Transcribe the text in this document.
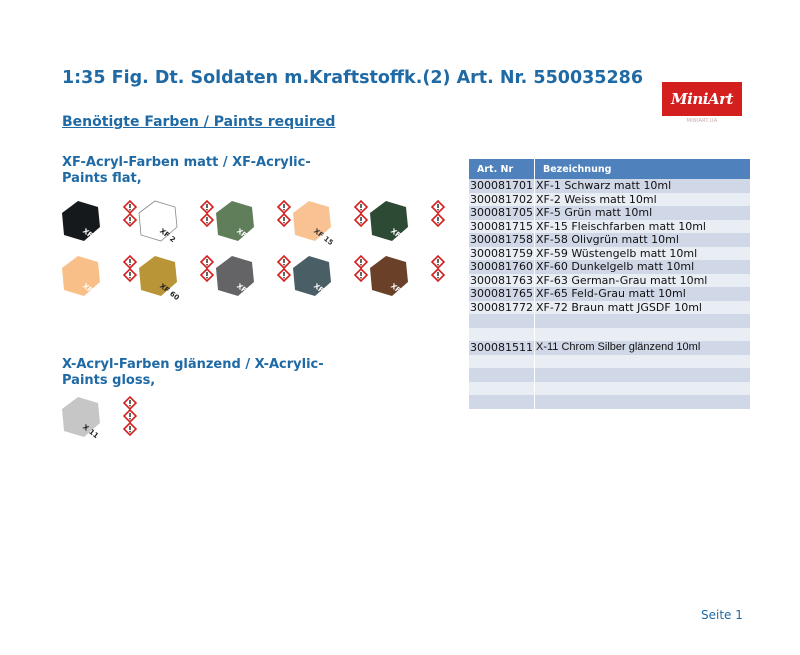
1:35 Fig. Dt. Soldaten m.Kraftstoffk.(2) Art. Nr. 550035286
Benötigte Farben / Paints required
MiniArt
MINIART.UA
XF-Acryl-Farben matt / XF-Acrylic-Paints flat,
X-Acryl-Farben glänzend / X-Acrylic-Paints gloss,
XF 1	XF 2	XF 5	XF 15	XF 58
XF 59	XF 60	XF 63	XF 65	XF 72
X 11
Art. Nr	Bezeichnung
300081701	XF-1 Schwarz matt 10ml
300081702	XF-2 Weiss matt 10ml
300081705	XF-5 Grün matt 10ml
300081715	XF-15 Fleischfarben matt 10ml
300081758	XF-58 Olivgrün matt 10ml
300081759	XF-59 Wüstengelb matt 10ml
300081760	XF-60 Dunkelgelb matt 10ml
300081763	XF-63 German-Grau matt 10ml
300081765	XF-65 Feld-Grau matt 10ml
300081772	XF-72 Braun matt JGSDF 10ml

300081511	X-11 Chrom Silber glänzend 10ml

Seite 1
